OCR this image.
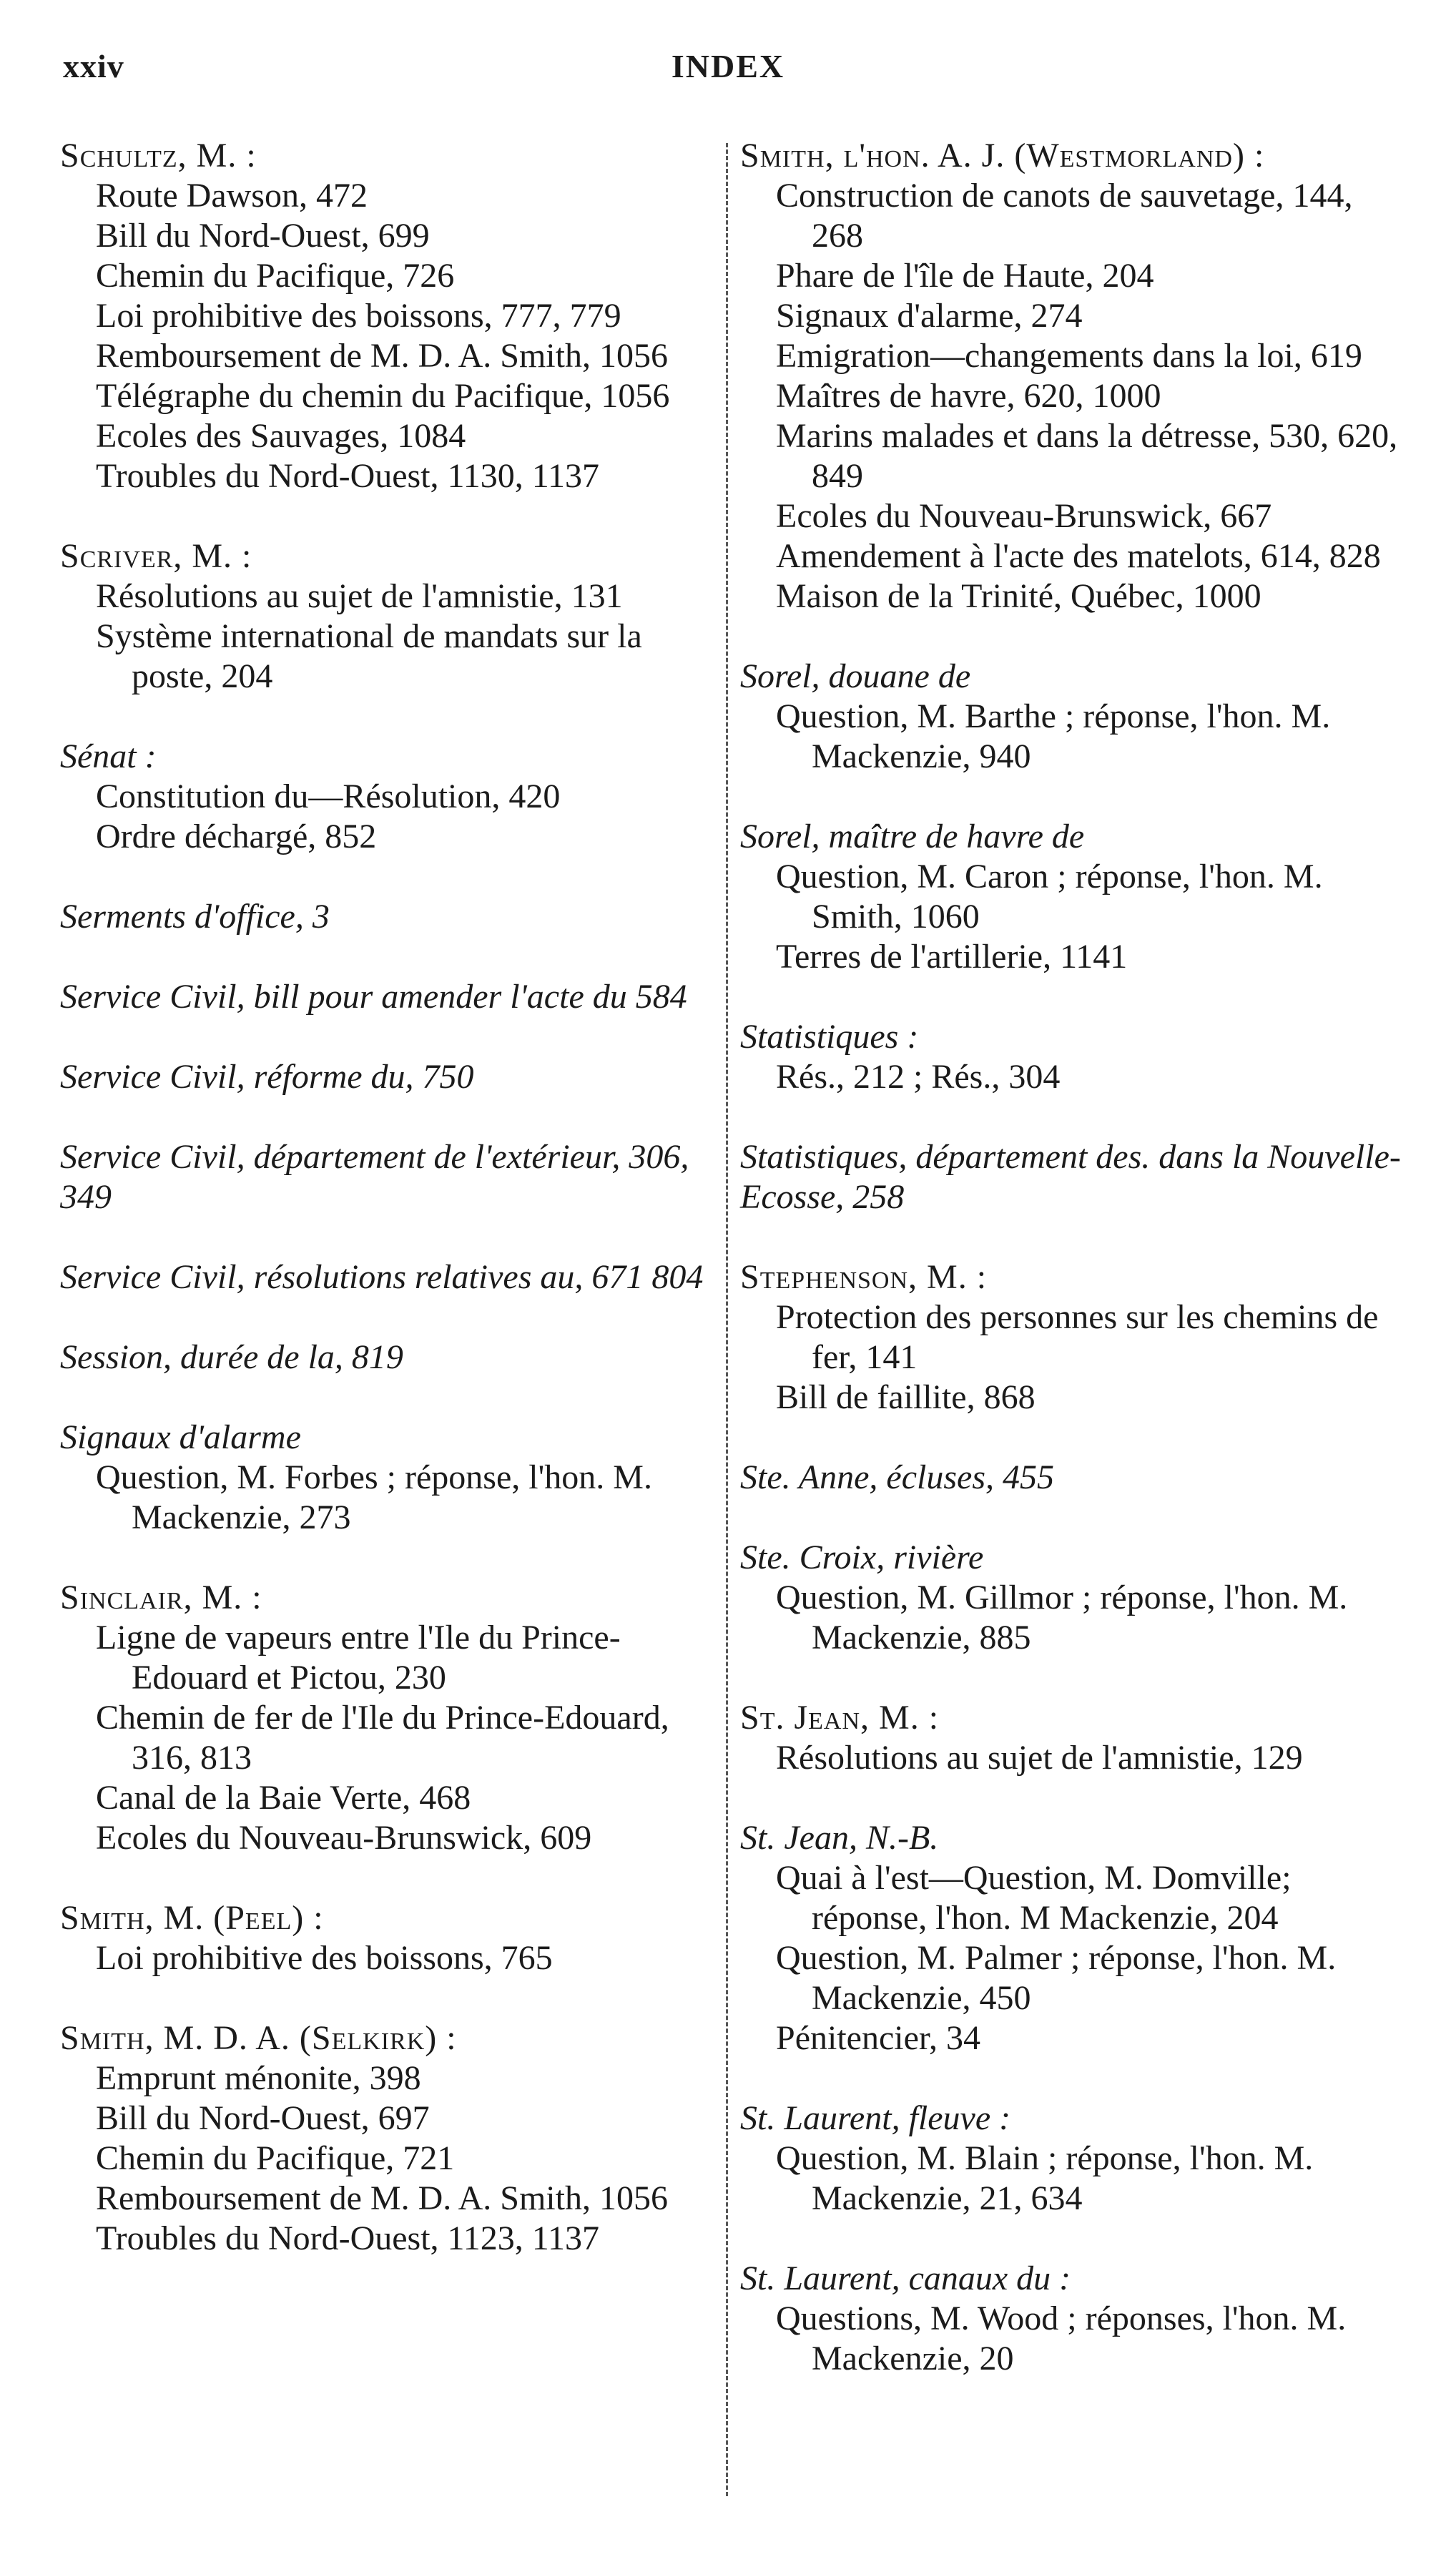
xxiv	INDEX
Schultz, M. :
Route Dawson, 472
Bill du Nord-Ouest, 699
Chemin du Pacifique, 726
Loi prohibitive des boissons, 777, 779
Remboursement de M. D. A. Smith, 1056
Télégraphe du chemin du Pacifique, 1056
Ecoles des Sauvages, 1084
Troubles du Nord-Ouest, 1130, 1137
Scriver, M. :
Résolutions au sujet de l'amnistie, 131
Système international de mandats sur la poste, 204
Sénat :
Constitution du—Résolution, 420
Ordre déchargé, 852
Serments d'office, 3
Service Civil, bill pour amender l'acte du 584
Service Civil, réforme du, 750
Service Civil, département de l'extérieur, 306, 349
Service Civil, résolutions relatives au, 671 804
Session, durée de la, 819
Signaux d'alarme
Question, M. Forbes ; réponse, l'hon. M. Mackenzie, 273
Sinclair, M. :
Ligne de vapeurs entre l'Ile du Prince-Edouard et Pictou, 230
Chemin de fer de l'Ile du Prince-Edouard, 316, 813
Canal de la Baie Verte, 468
Ecoles du Nouveau-Brunswick, 609
Smith, M. (Peel) :
Loi prohibitive des boissons, 765
Smith, M. D. A. (Selkirk) :
Emprunt ménonite, 398
Bill du Nord-Ouest, 697
Chemin du Pacifique, 721
Remboursement de M. D. A. Smith, 1056
Troubles du Nord-Ouest, 1123, 1137
Smith, l'hon. A. J. (Westmorland) :
Construction de canots de sauvetage, 144, 268
Phare de l'île de Haute, 204
Signaux d'alarme, 274
Emigration—changements dans la loi, 619
Maîtres de havre, 620, 1000
Marins malades et dans la détresse, 530, 620, 849
Ecoles du Nouveau-Brunswick, 667
Amendement à l'acte des matelots, 614, 828
Maison de la Trinité, Québec, 1000
Sorel, douane de
Question, M. Barthe ; réponse, l'hon. M. Mackenzie, 940
Sorel, maître de havre de
Question, M. Caron ; réponse, l'hon. M. Smith, 1060
Terres de l'artillerie, 1141
Statistiques :
Rés., 212 ; Rés., 304
Statistiques, département des. dans la Nouvelle-Ecosse, 258
Stephenson, M. :
Protection des personnes sur les chemins de fer, 141
Bill de faillite, 868
Ste. Anne, écluses, 455
Ste. Croix, rivière
Question, M. Gillmor ; réponse, l'hon. M. Mackenzie, 885
St. Jean, M. :
Résolutions au sujet de l'amnistie, 129
St. Jean, N.-B.
Quai à l'est—Question, M. Domville; réponse, l'hon. M Mackenzie, 204
Question, M. Palmer ; réponse, l'hon. M. Mackenzie, 450
Pénitencier, 34
St. Laurent, fleuve :
Question, M. Blain ; réponse, l'hon. M. Mackenzie, 21, 634
St. Laurent, canaux du :
Questions, M. Wood ; réponses, l'hon. M. Mackenzie, 20
